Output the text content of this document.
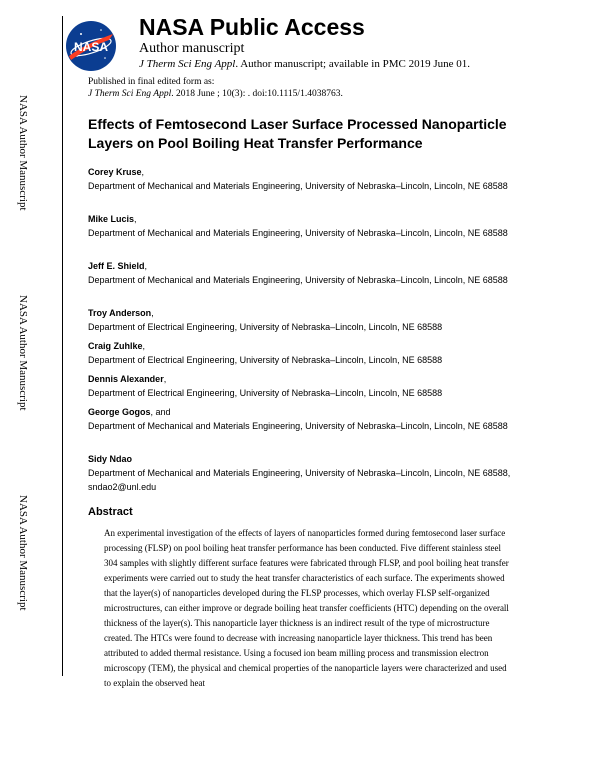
NASA Author Manuscript
NASA Author Manuscript
NASA Author Manuscript
NASA
NASA Public Access
Author manuscript
J Therm Sci Eng Appl. Author manuscript; available in PMC 2019 June 01.
Published in final edited form as:
J Therm Sci Eng Appl. 2018 June ; 10(3): . doi:10.1115/1.4038763.
Effects of Femtosecond Laser Surface Processed Nanoparticle Layers on Pool Boiling Heat Transfer Performance
Corey Kruse,
Department of Mechanical and Materials Engineering, University of Nebraska–Lincoln, Lincoln, NE 68588
Mike Lucis,
Department of Mechanical and Materials Engineering, University of Nebraska–Lincoln, Lincoln, NE 68588
Jeff E. Shield,
Department of Mechanical and Materials Engineering, University of Nebraska–Lincoln, Lincoln, NE 68588
Troy Anderson,
Department of Electrical Engineering, University of Nebraska–Lincoln, Lincoln, NE 68588
Craig Zuhlke,
Department of Electrical Engineering, University of Nebraska–Lincoln, Lincoln, NE 68588
Dennis Alexander,
Department of Electrical Engineering, University of Nebraska–Lincoln, Lincoln, NE 68588
George Gogos, and
Department of Mechanical and Materials Engineering, University of Nebraska–Lincoln, Lincoln, NE 68588
Sidy Ndao
Department of Mechanical and Materials Engineering, University of Nebraska–Lincoln, Lincoln, NE 68588, sndao2@unl.edu
Abstract

An experimental investigation of the effects of layers of nanoparticles formed during femtosecond laser surface processing (FLSP) on pool boiling heat transfer performance has been conducted. Five different stainless steel 304 samples with slightly different surface features were fabricated through FLSP, and pool boiling heat transfer experiments were carried out to study the heat transfer characteristics of each surface. The experiments showed that the layer(s) of nanoparticles developed during the FLSP processes, which overlay FLSP self-organized microstructures, can either improve or degrade boiling heat transfer coefficients (HTC) depending on the overall thickness of the layer(s). This nanoparticle layer thickness is an indirect result of the type of microstructure created. The HTCs were found to decrease with increasing nanoparticle layer thickness. This trend has been attributed to added thermal resistance. Using a focused ion beam milling process and transmission electron microscopy (TEM), the physical and chemical properties of the nanoparticle layers were characterized and used to explain the observed heat
